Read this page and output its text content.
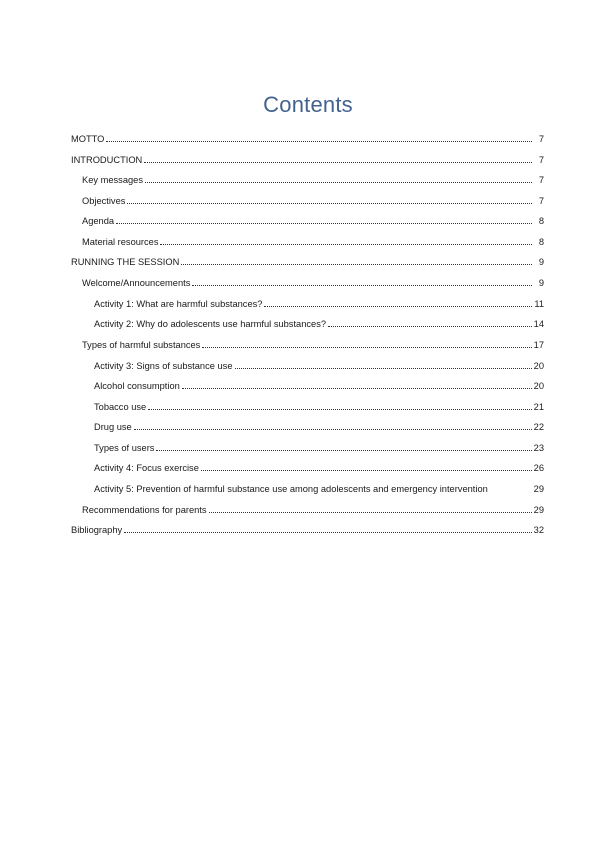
Contents
MOTTO	7
INTRODUCTION	7
Key messages	7
Objectives	7
Agenda	8
Material resources	8
RUNNING THE SESSION	9
Welcome/Announcements	9
Activity 1: What are harmful substances?	11
Activity 2: Why do adolescents use harmful substances?	14
Types of harmful substances	17
Activity 3: Signs of substance use	20
Alcohol consumption	20
Tobacco use	21
Drug use	22
Types of users	23
Activity 4: Focus exercise	26
Activity 5: Prevention of harmful substance use among adolescents and emergency intervention	29
Recommendations for parents	29
Bibliography	32
